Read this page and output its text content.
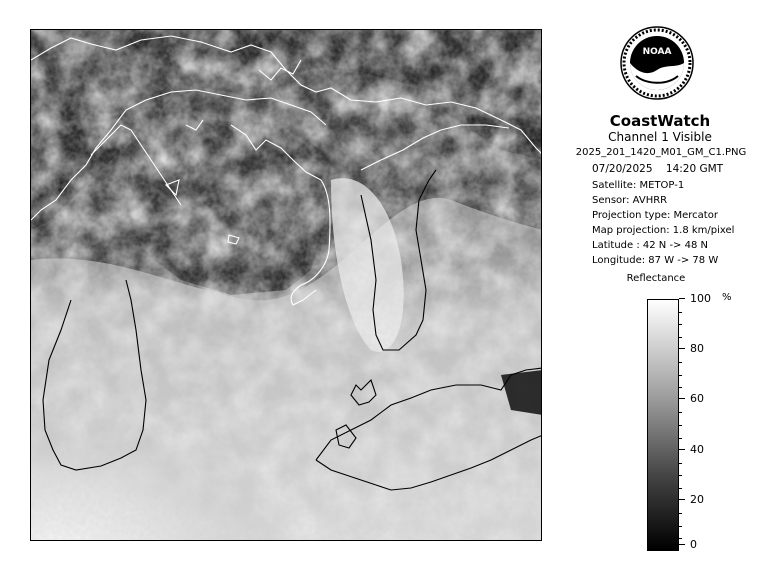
NOAA
CoastWatch
Channel 1 Visible
2025_201_1420_M01_GM_C1.PNG
07/20/2025 14:20 GMT
Satellite: METOP-1
Sensor: AVHRR
Projection type: Mercator
Map projection: 1.8 km/pixel
Latitude : 42 N -> 48 N
Longitude: 87 W -> 78 W
Reflectance
%
100
80
60
40
20
0
